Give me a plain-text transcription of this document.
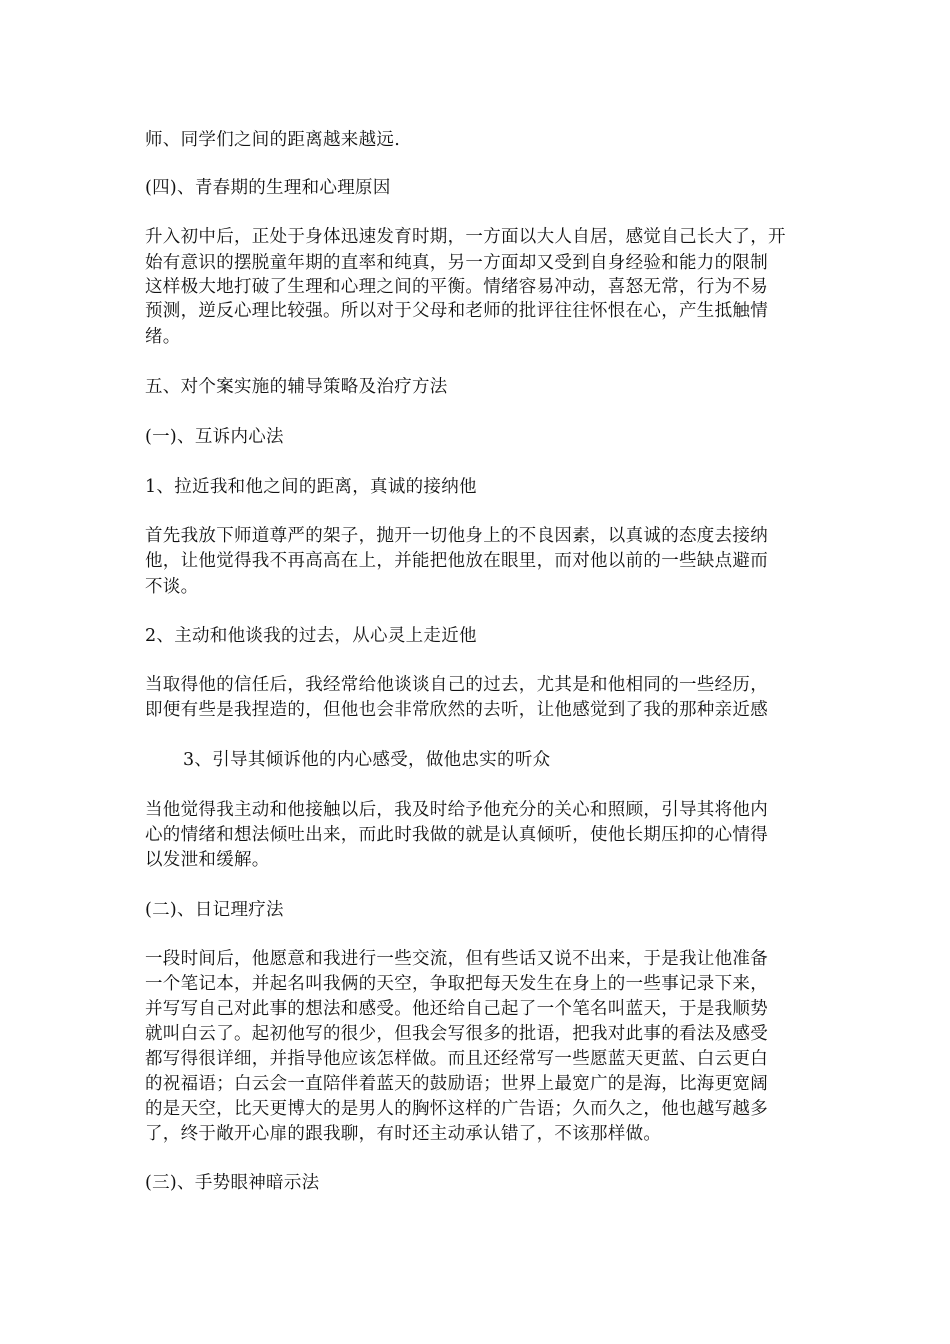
师、同学们之间的距离越来越远.
(四)、青春期的生理和心理原因
升入初中后，正处于身体迅速发育时期，一方面以大人自居，感觉自己长大了，开
始有意识的摆脱童年期的直率和纯真，另一方面却又受到自身经验和能力的限制
这样极大地打破了生理和心理之间的平衡。情绪容易冲动，喜怒无常，行为不易
预测，逆反心理比较强。所以对于父母和老师的批评往往怀恨在心，产生抵触情
绪。
五、对个案实施的辅导策略及治疗方法
(一)、互诉内心法
1、拉近我和他之间的距离，真诚的接纳他
首先我放下师道尊严的架子，抛开一切他身上的不良因素，以真诚的态度去接纳
他，让他觉得我不再高高在上，并能把他放在眼里，而对他以前的一些缺点避而
不谈。
2、主动和他谈我的过去，从心灵上走近他
当取得他的信任后，我经常给他谈谈自己的过去，尤其是和他相同的一些经历，
即便有些是我捏造的，但他也会非常欣然的去听，让他感觉到了我的那种亲近感
3、引导其倾诉他的内心感受，做他忠实的听众
当他觉得我主动和他接触以后，我及时给予他充分的关心和照顾，引导其将他内
心的情绪和想法倾吐出来，而此时我做的就是认真倾听，使他长期压抑的心情得
以发泄和缓解。
(二)、日记理疗法
一段时间后，他愿意和我进行一些交流，但有些话又说不出来，于是我让他准备
一个笔记本，并起名叫我俩的天空，争取把每天发生在身上的一些事记录下来，
并写写自己对此事的想法和感受。他还给自己起了一个笔名叫蓝天，于是我顺势
就叫白云了。起初他写的很少，但我会写很多的批语，把我对此事的看法及感受
都写得很详细，并指导他应该怎样做。而且还经常写一些愿蓝天更蓝、白云更白
的祝福语；白云会一直陪伴着蓝天的鼓励语；世界上最宽广的是海，比海更宽阔
的是天空，比天更博大的是男人的胸怀这样的广告语；久而久之，他也越写越多
了，终于敞开心扉的跟我聊，有时还主动承认错了，不该那样做。
(三)、手势眼神暗示法
